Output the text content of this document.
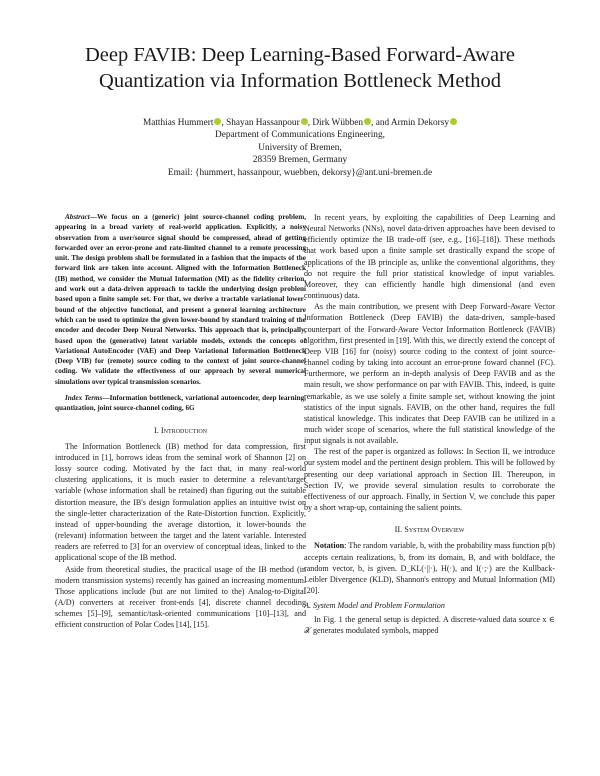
Deep FAVIB: Deep Learning-Based Forward-Aware
Quantization via Information Bottleneck Method
Matthias Hummert , Shayan Hassanpour , Dirk Wübben , and Armin Dekorsy
Department of Communications Engineering,
University of Bremen,
28359 Bremen, Germany
Email: {hummert, hassanpour, wuebben, dekorsy}@ant.uni-bremen.de

Abstract—We focus on a (generic) joint source-channel coding problem, appearing in a broad variety of real-world application. Explicitly, a noisy observation from a user/source signal should be compressed, ahead of getting forwarded over an error-prone and rate-limited channel to a remote processing unit. The design problem shall be formulated in a fashion that the impacts of the forward link are taken into account. Aligned with the Information Bottleneck (IB) method, we consider the Mutual Information (MI) as the fidelity criterion, and work out a data-driven approach to tackle the underlying design problem based upon a finite sample set. For that, we derive a tractable variational lower-bound of the objective functional, and present a general learning architecture which can be used to optimize the given lower-bound by standard training of the encoder and decoder Deep Neural Networks. This approach that is, principally, based upon the (generative) latent variable models, extends the concepts of Variational AutoEncoder (VAE) and Deep Variational Information Bottleneck (Deep VIB) for (remote) source coding to the context of joint source-channel coding. We validate the effectiveness of our approach by several numerical simulations over typical transmission scenarios.

Index Terms—Information bottleneck, variational autoencoder, deep learning, quantization, joint source-channel coding, 6G

I. Introduction

The Information Bottleneck (IB) method for data compression, first introduced in [1], borrows ideas from the seminal work of Shannon [2] on lossy source coding. Motivated by the fact that, in many real-world clustering applications, it is much easier to determine a relevant/target variable (whose information shall be retained) than figuring out the suitable distortion measure, the IB's design formulation applies an intuitive twist on the single-letter characterization of the Rate-Distortion function. Explicitly, instead of upper-bounding the average distortion, it lower-bounds the (relevant) information between the target and the latent variable. Interested readers are referred to [3] for an overview of conceptual ideas, linked to the applicational scope of the IB method.

Aside from theoretical studies, the practical usage of the IB method (in modern transmission systems) recently has gained an increasing momentum. Those applications include (but are not limited to the) Analog-to-Digital (A/D) converters at receiver front-ends [4], discrete channel decoding schemes [5]–[9], semantic/task-oriented communications [10]–[13], and efficient construction of Polar Codes [14], [15].

In recent years, by exploiting the capabilities of Deep Learning and Neural Networks (NNs), novel data-driven approaches have been devised to efficiently optimize the IB trade-off (see, e.g., [16]–[18]). These methods that work based upon a finite sample set drastically expand the scope of applications of the IB principle as, unlike the conventional algorithms, they do not require the full prior statistical knowledge of input variables. Moreover, they can efficiently handle high dimensional (and even continuous) data.

As the main contribution, we present with Deep Forward-Aware Vector Information Bottleneck (Deep FAVIB) the data-driven, sample-based counterpart of the Forward-Aware Vector Information Bottleneck (FAVIB) algorithm, first presented in [19]. With this, we directly extend the concept of Deep VIB [16] for (noisy) source coding to the context of joint source-channel coding by taking into account an error-prone foward channel (FC). Furthermore, we perform an in-depth analysis of Deep FAVIB and as the main result, we show performance on par with FAVIB. This, indeed, is quite remarkable, as we use solely a finite sample set, without knowing the joint statistics of the input signals. FAVIB, on the other hand, requires the full statistical knowledge. This indicates that Deep FAVIB can be utilized in a much wider scope of scenarios, where the full statistical knowledge of the input signals is not available.

The rest of the paper is organized as follows: In Section II, we introduce our system model and the pertinent design problem. This will be followed by presenting our deep variational approach in Section III. Thereupon, in Section IV, we provide several simulation results to corroborate the effectiveness of our approach. Finally, in Section V, we conclude this paper by a short wrap-up, containing the salient points.

II. System Overview

Notation: The random variable, b, with the probability mass function p(b) accepts certain realizations, b, from its domain, B, and with boldface, the random vector, b, is given. D_KL(·||·), H(·), and I(·;·) are the Kullback-Leibler Divergence (KLD), Shannon's entropy and Mutual Information (MI) [20].

A. System Model and Problem Formulation

In Fig. 1 the general setup is depicted. A discrete-valued data source x ∈ 𝒳 generates modulated symbols, mapped
